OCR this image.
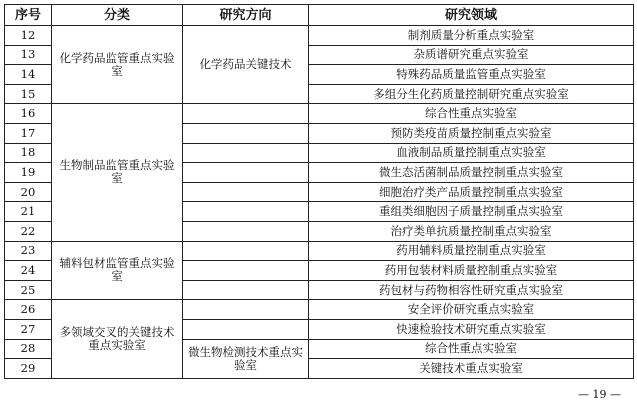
序号	分类	研究方向	研究领域
12	化学药品监管重点实验室	化学药品关键技术	制剂质量分析重点实验室
13			杂质谱研究重点实验室
14			特殊药品质量监管重点实验室
15			多组分生化药质量控制研究重点实验室
16	生物制品监管重点实验室		综合性重点实验室
17			预防类疫苗质量控制重点实验室
18			血液制品质量控制重点实验室
19			微生态活菌制品质量控制重点实验室
20			细胞治疗类产品质量控制重点实验室
21			重组类细胞因子质量控制重点实验室
22			治疗类单抗质量控制重点实验室
23	辅料包材监管重点实验室		药用辅料质量控制重点实验室
24			药用包装材料质量控制重点实验室
25			药包材与药物相容性研究重点实验室
26	多领域交叉的关键技术重点实验室		安全评价研究重点实验室
27			快速检验技术研究重点实验室
28		微生物检测技术重点实验室	综合性重点实验室
29			关键技术重点实验室
— 19 —
